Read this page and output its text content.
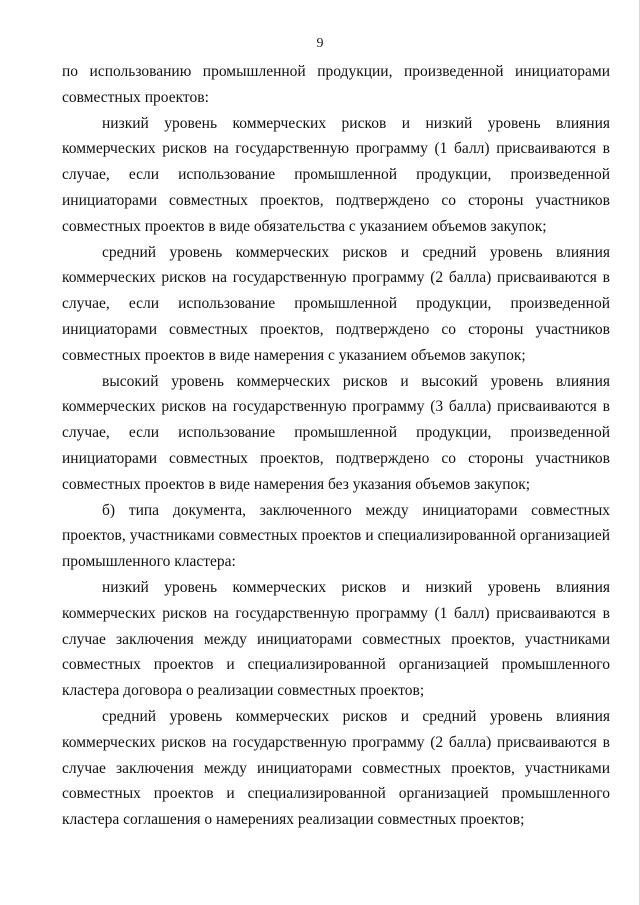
9

по использованию промышленной продукции, произведенной инициаторами совместных проектов:

низкий уровень коммерческих рисков и низкий уровень влияния коммерческих рисков на государственную программу (1 балл) присваиваются в случае, если использование промышленной продукции, произведенной инициаторами совместных проектов, подтверждено со стороны участников совместных проектов в виде обязательства с указанием объемов закупок;

средний уровень коммерческих рисков и средний уровень влияния коммерческих рисков на государственную программу (2 балла) присваиваются в случае, если использование промышленной продукции, произведенной инициаторами совместных проектов, подтверждено со стороны участников совместных проектов в виде намерения с указанием объемов закупок;

высокий уровень коммерческих рисков и высокий уровень влияния коммерческих рисков на государственную программу (3 балла) присваиваются в случае, если использование промышленной продукции, произведенной инициаторами совместных проектов, подтверждено со стороны участников совместных проектов в виде намерения без указания объемов закупок;

б) типа документа, заключенного между инициаторами совместных проектов, участниками совместных проектов и специализированной организацией промышленного кластера:

низкий уровень коммерческих рисков и низкий уровень влияния коммерческих рисков на государственную программу (1 балл) присваиваются в случае заключения между инициаторами совместных проектов, участниками совместных проектов и специализированной организацией промышленного кластера договора о реализации совместных проектов;

средний уровень коммерческих рисков и средний уровень влияния коммерческих рисков на государственную программу (2 балла) присваиваются в случае заключения между инициаторами совместных проектов, участниками совместных проектов и специализированной организацией промышленного кластера соглашения о намерениях реализации совместных проектов;
